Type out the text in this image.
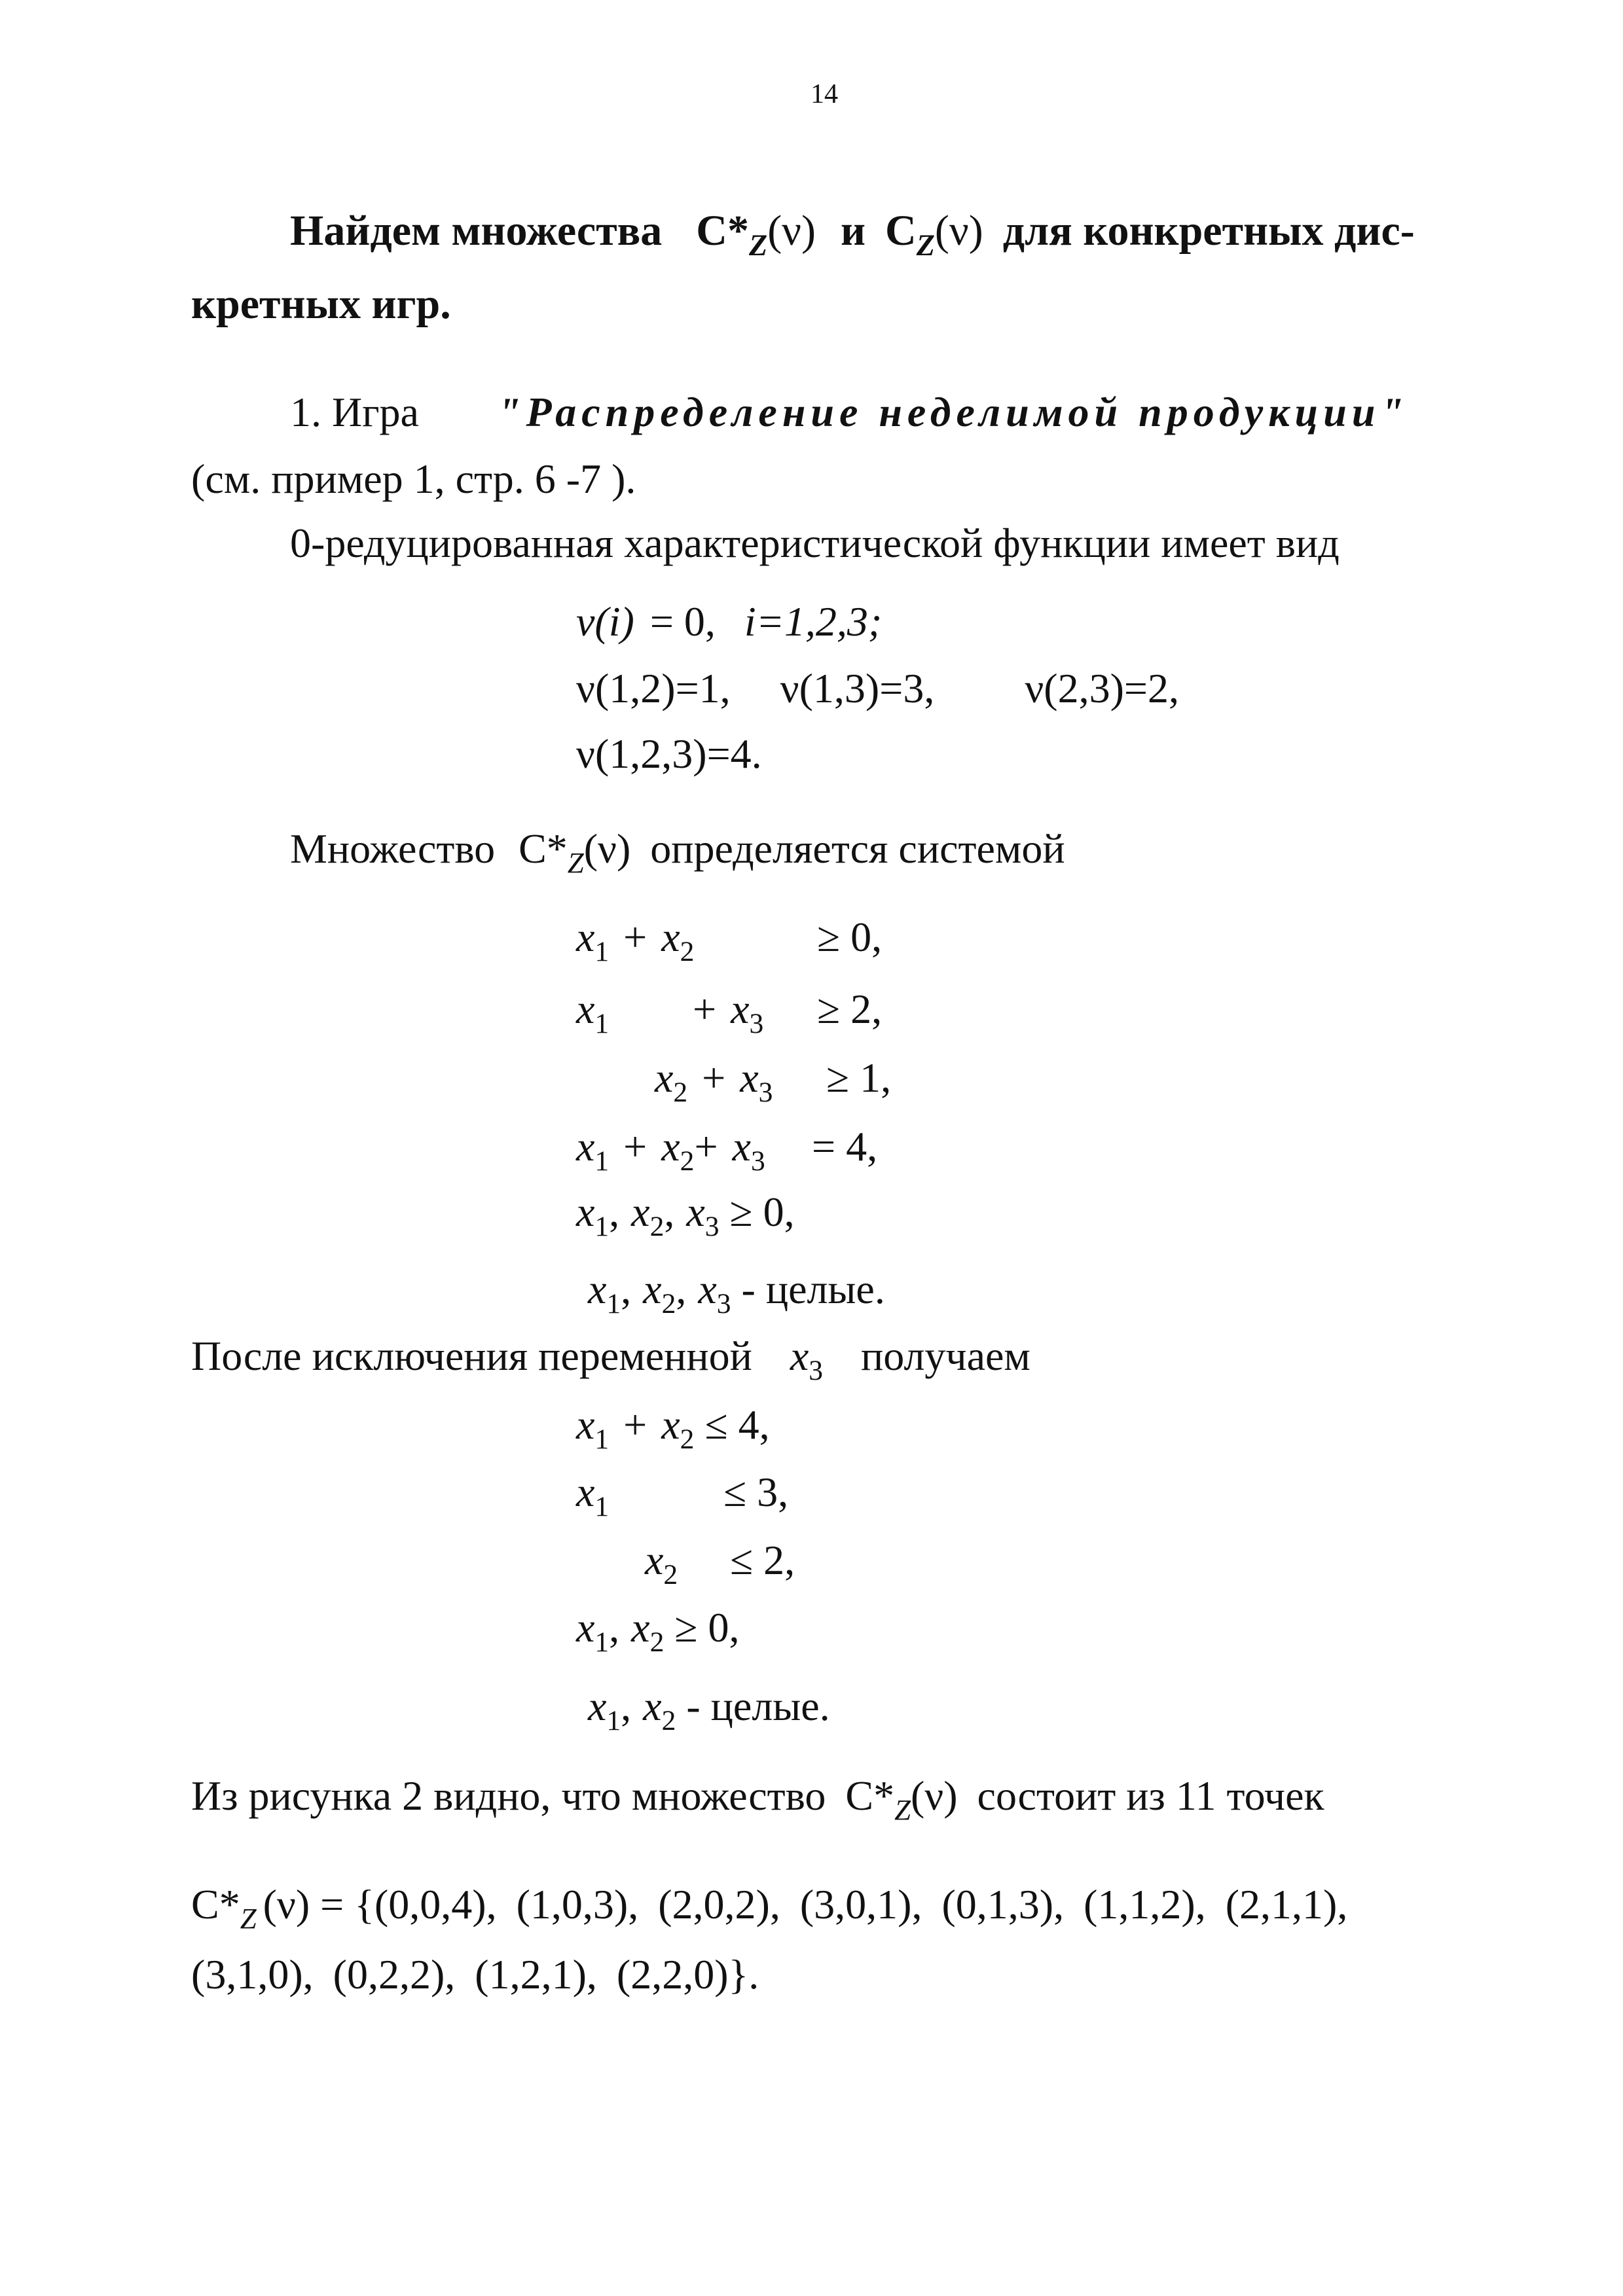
14
Найдем множества $C*_Z(\nu)$ и $C_Z(\nu)$ для конкретных дис-
кретных игр.
1. Игра "Распределение неделимой продукции"
(см. пример 1, стр. 6 -7 ).
0-редуцированная характеристической функции имеет вид
ν(i) = 0, i=1,2,3;
ν(1,2)=1, ν(1,3)=3, ν(2,3)=2,
ν(1,2,3)=4.
Множество $C*_Z(\nu)$ определяется системой
$x_1 + x_2$	≥ 0,
$x_1 + x_3 \ge 2$,
$x_2 + x_3 \ge 1$,
$x_1 + x_2+ x_3 = 4$,
$x_1$, $x_2$, $x_3 \ge 0$,
$x_1$, $x_2$, $x_3$ - целые.
После исключения переменной $x_3$ получаем
$x_1 + x_2 \le 4$,
$x_1$	≤ 3,
$x_2 \le 2$,
$x_1$, $x_2 \ge 0$,
$x_1$, $x_2$ - целые.
Из рисунка 2 видно, что множество $C*_Z(\nu)$ состоит из 11 точек
$C*_Z$ (ν) = {(0,0,4), (1,0,3), (2,0,2), (3,0,1), (0,1,3), (1,1,2), (2,1,1),
(3,1,0), (0,2,2), (1,2,1), (2,2,0)}.
